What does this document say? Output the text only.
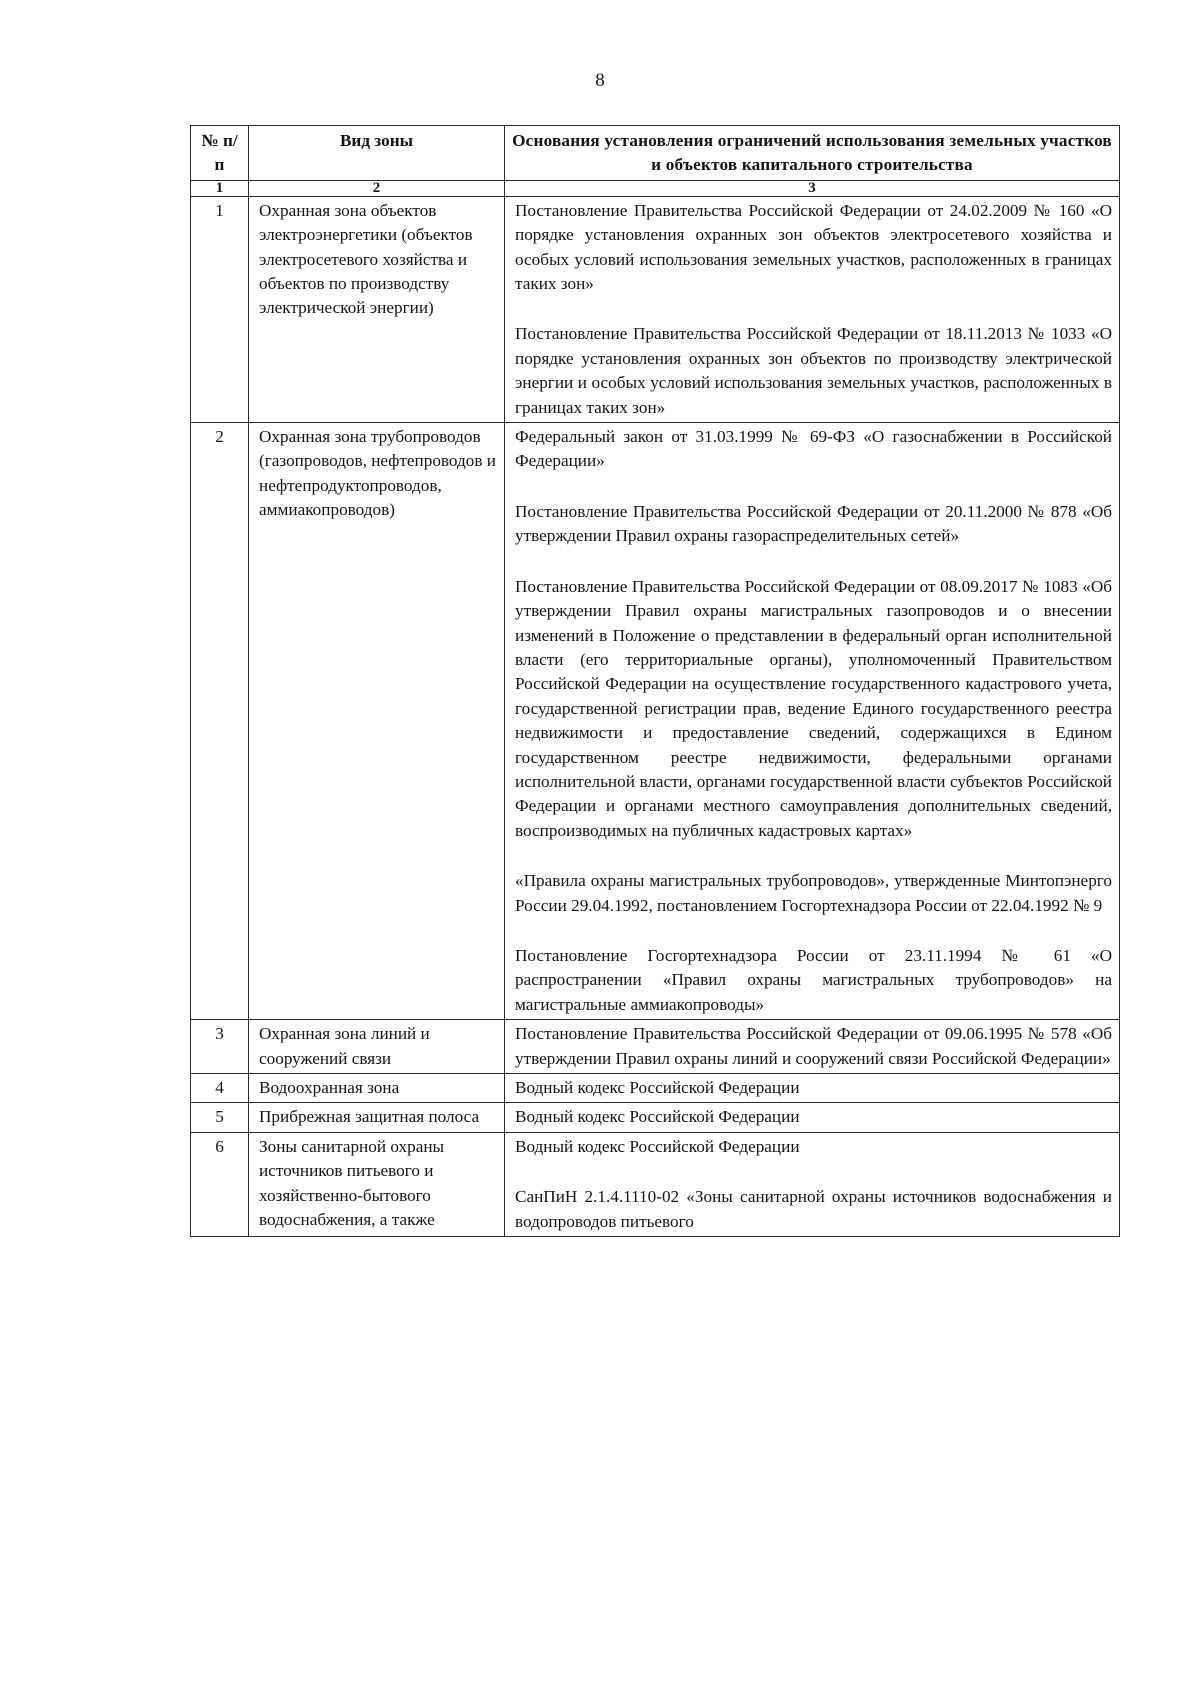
8
№ п/п	Вид зоны	Основания установления ограничений использования земельных участков и объектов капитального строительства
1	2	3
1	Охранная зона объектов электроэнергетики (объектов электросетевого хозяйства и объектов по производству электрической энергии)	Постановление Правительства Российской Федерации от 24.02.2009 № 160 «О порядке установления охранных зон объектов электросетевого хозяйства и особых условий использования земельных участков, расположенных в границах таких зон»
Постановление Правительства Российской Федерации от 18.11.2013 № 1033 «О порядке установления охранных зон объектов по производству электрической энергии и особых условий использования земельных участков, расположенных в границах таких зон»

2	Охранная зона трубопроводов (газопроводов, нефтепроводов и нефтепродуктопроводов, аммиакопроводов)	Федеральный закон от 31.03.1999 № 69-ФЗ «О газоснабжении в Российской Федерации»
Постановление Правительства Российской Федерации от 20.11.2000 № 878 «Об утверждении Правил охраны газораспределительных сетей»
Постановление Правительства Российской Федерации от 08.09.2017 № 1083 «Об утверждении Правил охраны магистральных газопроводов и о внесении изменений в Положение о представлении в федеральный орган исполнительной власти (его территориальные органы), уполномоченный Правительством Российской Федерации на осуществление государственного кадастрового учета, государственной регистрации прав, ведение Единого государственного реестра недвижимости и предоставление сведений, содержащихся в Едином государственном реестре недвижимости, федеральными органами исполнительной власти, органами государственной власти субъектов Российской Федерации и органами местного самоуправления дополнительных сведений, воспроизводимых на публичных кадастровых картах»
«Правила охраны магистральных трубопроводов», утвержденные Минтопэнерго России 29.04.1992, постановлением Госгортехнадзора России от 22.04.1992 № 9
Постановление Госгортехнадзора России от 23.11.1994 № 61 «О распространении «Правил охраны магистральных трубопроводов» на магистральные аммиакопроводы»

3	Охранная зона линий и сооружений связи	Постановление Правительства Российской Федерации от 09.06.1995 № 578 «Об утверждении Правил охраны линий и сооружений связи Российской Федерации»

4	Водоохранная зона	Водный кодекс Российской Федерации

5	Прибрежная защитная полоса	Водный кодекс Российской Федерации

6	Зоны санитарной охраны источников питьевого и хозяйственно-бытового водоснабжения, а также	Водный кодекс Российской Федерации
СанПиН 2.1.4.1110-02 «Зоны санитарной охраны источников водоснабжения и водопроводов питьевого
